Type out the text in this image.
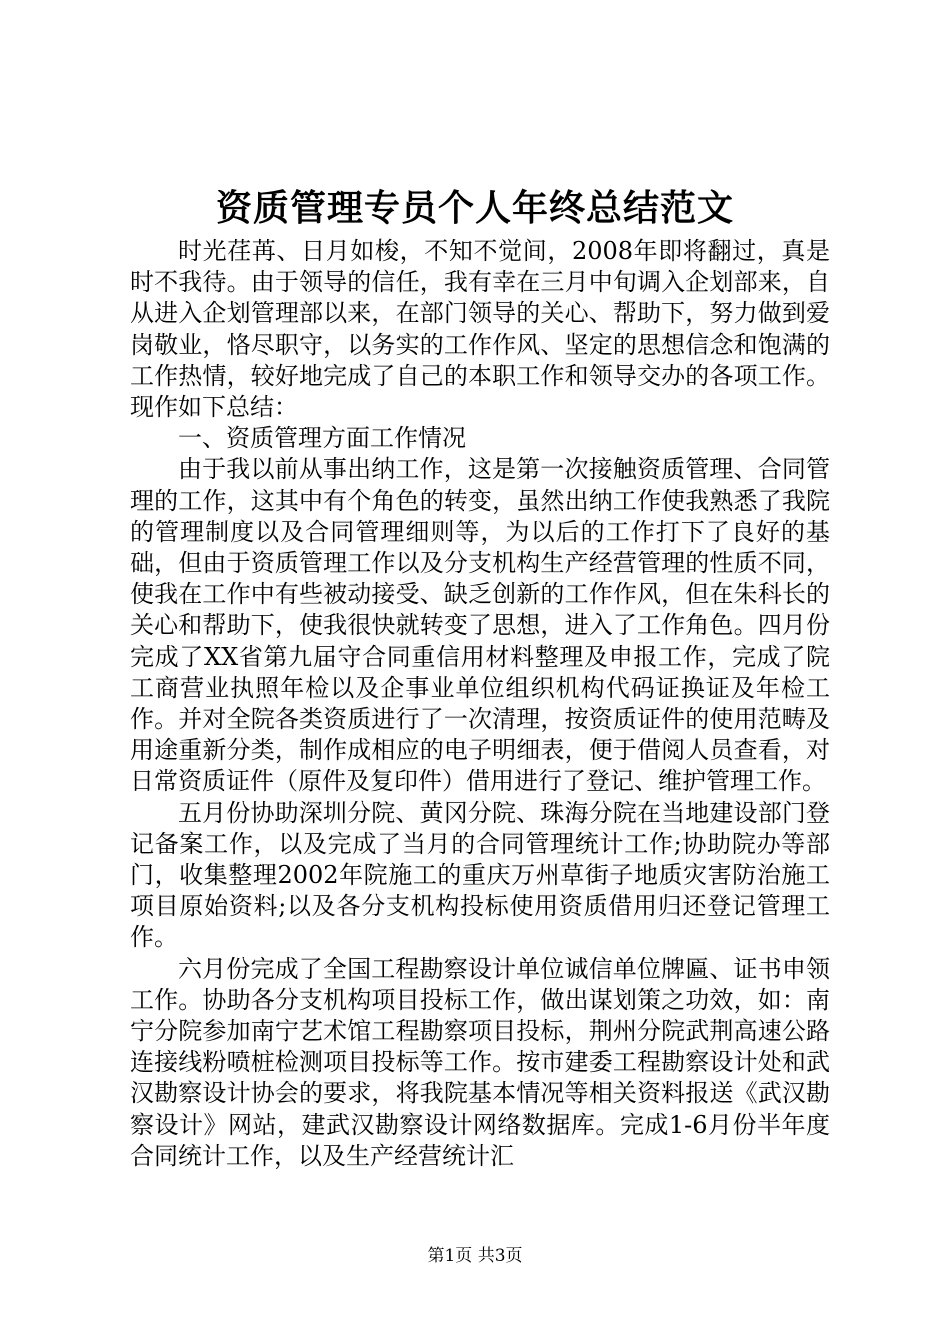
资质管理专员个人年终总结范文

时光荏苒、日月如梭，不知不觉间，2008年即将翻过，真是时不我待。由于领导的信任，我有幸在三月中旬调入企划部来，自从进入企划管理部以来，在部门领导的关心、帮助下，努力做到爱岗敬业，恪尽职守，以务实的工作作风、坚定的思想信念和饱满的工作热情，较好地完成了自己的本职工作和领导交办的各项工作。现作如下总结：

一、资质管理方面工作情况

由于我以前从事出纳工作，这是第一次接触资质管理、合同管理的工作，这其中有个角色的转变，虽然出纳工作使我熟悉了我院的管理制度以及合同管理细则等，为以后的工作打下了良好的基础，但由于资质管理工作以及分支机构生产经营管理的性质不同，使我在工作中有些被动接受、缺乏创新的工作作风，但在朱科长的关心和帮助下，使我很快就转变了思想，进入了工作角色。四月份完成了XX省第九届守合同重信用材料整理及申报工作，完成了院工商营业执照年检以及企事业单位组织机构代码证换证及年检工作。并对全院各类资质进行了一次清理，按资质证件的使用范畴及用途重新分类，制作成相应的电子明细表，便于借阅人员查看，对日常资质证件（原件及复印件）借用进行了登记、维护管理工作。

五月份协助深圳分院、黄冈分院、珠海分院在当地建设部门登记备案工作，以及完成了当月的合同管理统计工作;协助院办等部门，收集整理2002年院施工的重庆万州草街子地质灾害防治施工项目原始资料;以及各分支机构投标使用资质借用归还登记管理工作。

六月份完成了全国工程勘察设计单位诚信单位牌匾、证书申领工作。协助各分支机构项目投标工作，做出谋划策之功效，如：南宁分院参加南宁艺术馆工程勘察项目投标，荆州分院武荆高速公路连接线粉喷桩检测项目投标等工作。按市建委工程勘察设计处和武汉勘察设计协会的要求，将我院基本情况等相关资料报送《武汉勘察设计》网站，建武汉勘察设计网络数据库。完成1-6月份半年度合同统计工作，以及生产经营统计汇

第1页 共3页
